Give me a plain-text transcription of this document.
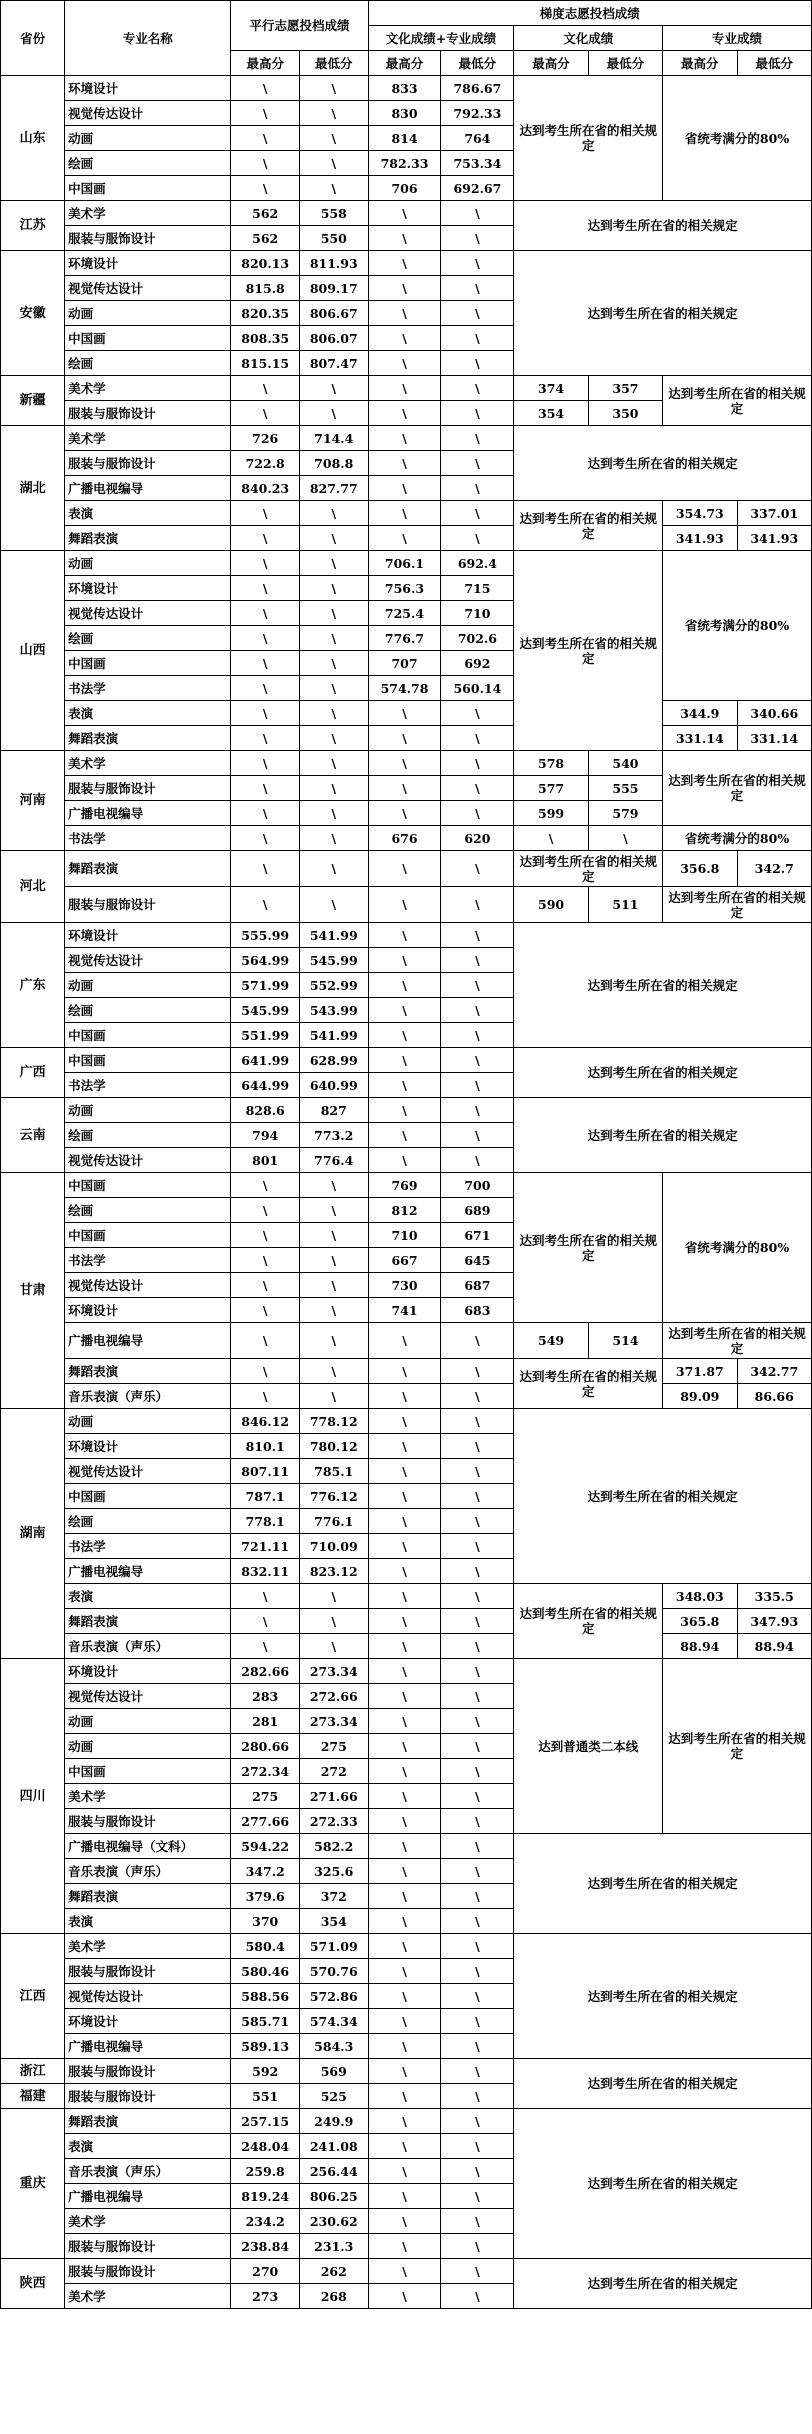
省份	专业名称	平行志愿投档成绩		梯度志愿投档成绩					
				文化成绩+专业成绩		文化成绩		专业成绩	
		最高分	最低分	最高分	最低分	最高分	最低分	最高分	最低分
山东	环境设计	\	\	833	786.67	达到考生所在省的相关规定		省统考满分的80%	
	视觉传达设计	\	\	830	792.33				
	动画	\	\	814	764				
	绘画	\	\	782.33	753.34				
	中国画	\	\	706	692.67				
江苏	美术学	562	558	\	\	达到考生所在省的相关规定			
	服装与服饰设计	562	550	\	\				
安徽	环境设计	820.13	811.93	\	\	达到考生所在省的相关规定			
	视觉传达设计	815.8	809.17	\	\				
	动画	820.35	806.67	\	\				
	中国画	808.35	806.07	\	\				
	绘画	815.15	807.47	\	\				
新疆	美术学	\	\	\	\	374	357	达到考生所在省的相关规定	
	服装与服饰设计	\	\	\	\	354	350		
湖北	美术学	726	714.4	\	\	达到考生所在省的相关规定			
	服装与服饰设计	722.8	708.8	\	\				
	广播电视编导	840.23	827.77	\	\				
	表演	\	\	\	\	达到考生所在省的相关规定		354.73	337.01
	舞蹈表演	\	\	\	\			341.93	341.93
山西	动画	\	\	706.1	692.4	达到考生所在省的相关规定		省统考满分的80%	
	环境设计	\	\	756.3	715				
	视觉传达设计	\	\	725.4	710				
	绘画	\	\	776.7	702.6				
	中国画	\	\	707	692				
	书法学	\	\	574.78	560.14				
	表演	\	\	\	\			344.9	340.66
	舞蹈表演	\	\	\	\			331.14	331.14
河南	美术学	\	\	\	\	578	540	达到考生所在省的相关规定	
	服装与服饰设计	\	\	\	\	577	555		
	广播电视编导	\	\	\	\	599	579		
	书法学	\	\	676	620	\	\	省统考满分的80%	
河北	舞蹈表演	\	\	\	\	达到考生所在省的相关规定		356.8	342.7
	服装与服饰设计	\	\	\	\	590	511	达到考生所在省的相关规定	
广东	环境设计	555.99	541.99	\	\	达到考生所在省的相关规定			
	视觉传达设计	564.99	545.99	\	\				
	动画	571.99	552.99	\	\				
	绘画	545.99	543.99	\	\				
	中国画	551.99	541.99	\	\				
广西	中国画	641.99	628.99	\	\	达到考生所在省的相关规定			
	书法学	644.99	640.99	\	\				
云南	动画	828.6	827	\	\	达到考生所在省的相关规定			
	绘画	794	773.2	\	\				
	视觉传达设计	801	776.4	\	\				
甘肃	中国画	\	\	769	700	达到考生所在省的相关规定		省统考满分的80%	
	绘画	\	\	812	689				
	中国画	\	\	710	671				
	书法学	\	\	667	645				
	视觉传达设计	\	\	730	687				
	环境设计	\	\	741	683				
	广播电视编导	\	\	\	\	549	514	达到考生所在省的相关规定	
	舞蹈表演	\	\	\	\	达到考生所在省的相关规定		371.87	342.77
	音乐表演（声乐）	\	\	\	\			89.09	86.66
湖南	动画	846.12	778.12	\	\	达到考生所在省的相关规定			
	环境设计	810.1	780.12	\	\				
	视觉传达设计	807.11	785.1	\	\				
	中国画	787.1	776.12	\	\				
	绘画	778.1	776.1	\	\				
	书法学	721.11	710.09	\	\				
	广播电视编导	832.11	823.12	\	\				
	表演	\	\	\	\	达到考生所在省的相关规定		348.03	335.5
	舞蹈表演	\	\	\	\			365.8	347.93
	音乐表演（声乐）	\	\	\	\			88.94	88.94
四川	环境设计	282.66	273.34	\	\	达到普通类二本线		达到考生所在省的相关规定	
	视觉传达设计	283	272.66	\	\				
	动画	281	273.34	\	\				
	动画	280.66	275	\	\				
	中国画	272.34	272	\	\				
	美术学	275	271.66	\	\				
	服装与服饰设计	277.66	272.33	\	\				
	广播电视编导（文科）	594.22	582.2	\	\	达到考生所在省的相关规定			
	音乐表演（声乐）	347.2	325.6	\	\				
	舞蹈表演	379.6	372	\	\				
	表演	370	354	\	\				
江西	美术学	580.4	571.09	\	\	达到考生所在省的相关规定			
	服装与服饰设计	580.46	570.76	\	\				
	视觉传达设计	588.56	572.86	\	\				
	环境设计	585.71	574.34	\	\				
	广播电视编导	589.13	584.3	\	\				
浙江	服装与服饰设计	592	569	\	\	达到考生所在省的相关规定			
福建	服装与服饰设计	551	525	\	\				
重庆	舞蹈表演	257.15	249.9	\	\	达到考生所在省的相关规定			
	表演	248.04	241.08	\	\				
	音乐表演（声乐）	259.8	256.44	\	\				
	广播电视编导	819.24	806.25	\	\				
	美术学	234.2	230.62	\	\				
	服装与服饰设计	238.84	231.3	\	\				
陕西	服装与服饰设计	270	262	\	\	达到考生所在省的相关规定			
	美术学	273	268	\	\				
